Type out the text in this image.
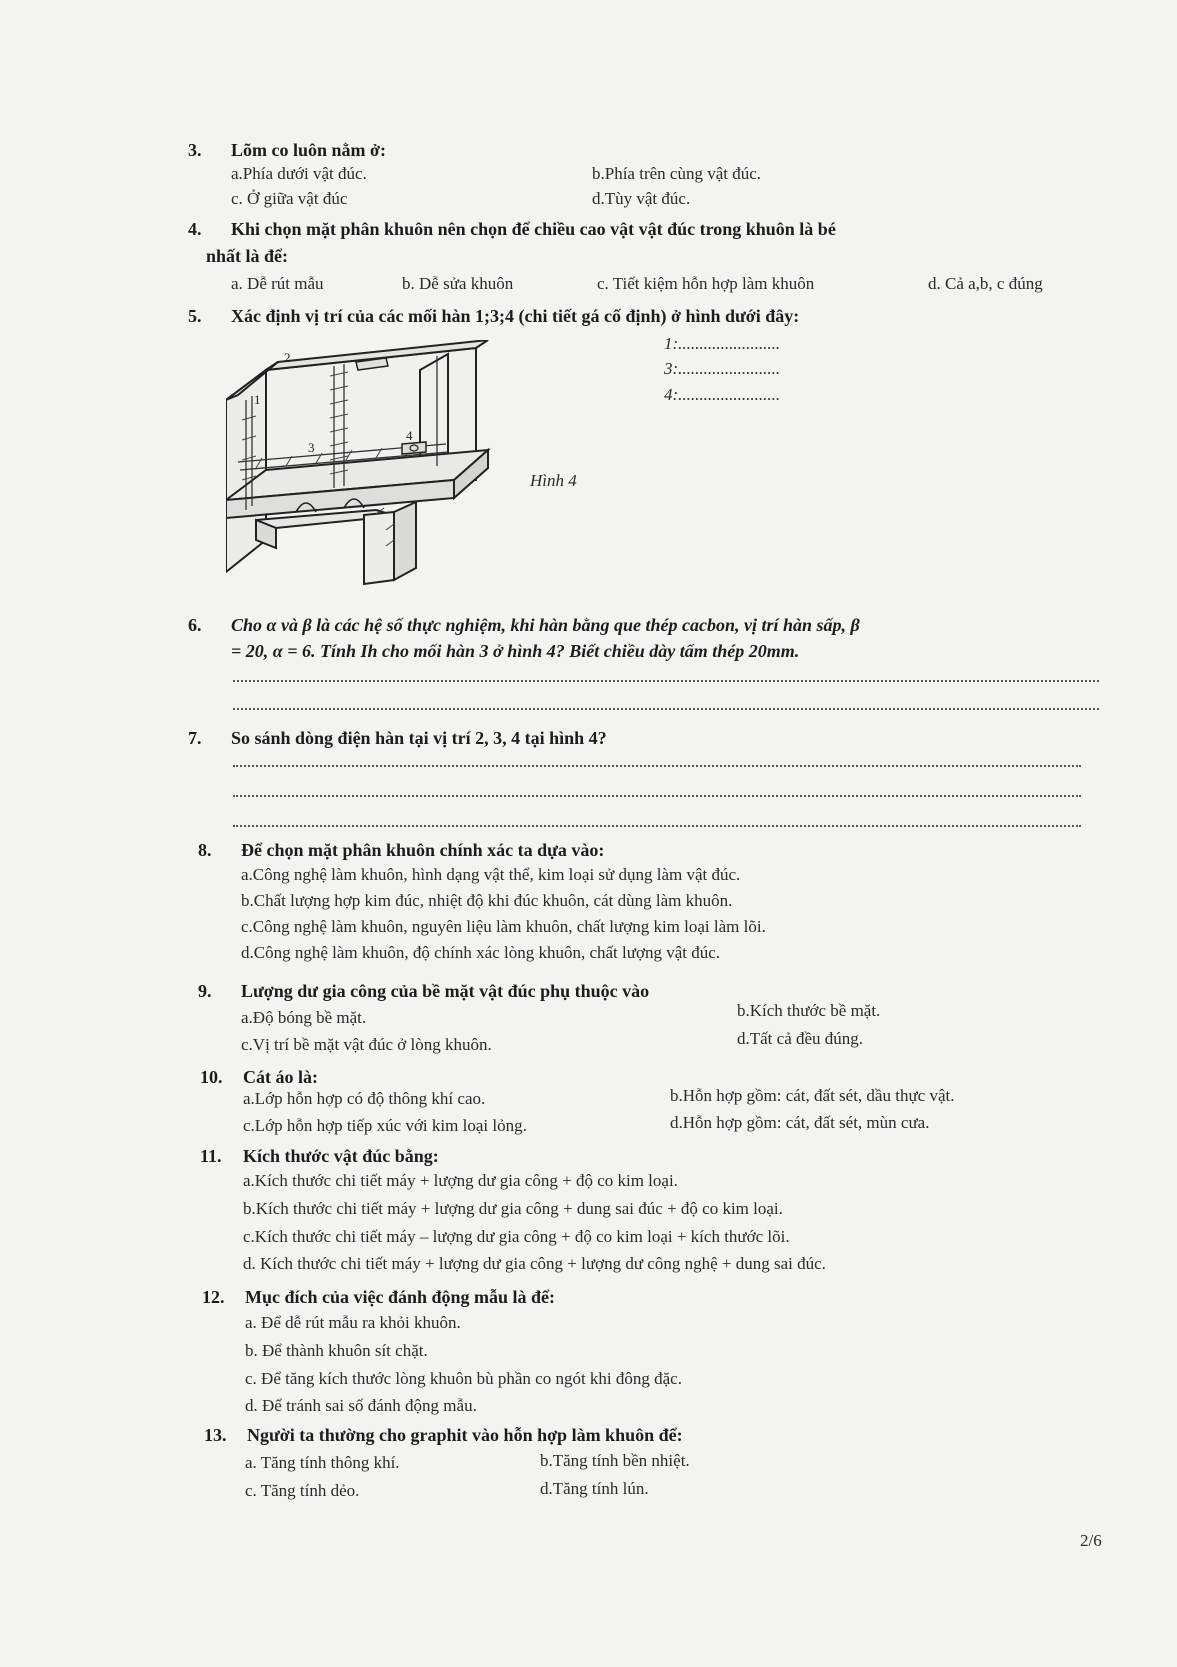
3. Lõm co luôn nằm ở:
a.Phía dưới vật đúc.	b.Phía trên cùng vật đúc.
c. Ở giữa vật đúc	d.Tùy vật đúc.
4. Khi chọn mặt phân khuôn nên chọn để chiều cao vật vật đúc trong khuôn là bé
nhất là để:
a. Dễ rút mẫu	b. Dễ sửa khuôn	c. Tiết kiệm hỗn hợp làm khuôn	d. Cả a,b, c đúng
5. Xác định vị trí của các mối hàn 1;3;4 (chi tiết gá cố định) ở hình dưới đây:
1:........................
3:........................
4:........................
1
2
3
4
Hình 4
6. Cho α và β là các hệ số thực nghiệm, khi hàn bằng que thép cacbon, vị trí hàn sấp, β
= 20, α = 6. Tính Ih cho mối hàn 3 ở hình 4? Biết chiều dày tấm thép 20mm.
7. So sánh dòng điện hàn tại vị trí 2, 3, 4 tại hình 4?
8. Để chọn mặt phân khuôn chính xác ta dựa vào:
a.Công nghệ làm khuôn, hình dạng vật thể, kim loại sử dụng làm vật đúc.
b.Chất lượng hợp kim đúc, nhiệt độ khi đúc khuôn, cát dùng làm khuôn.
c.Công nghệ làm khuôn, nguyên liệu làm khuôn, chất lượng kim loại làm lõi.
d.Công nghệ làm khuôn, độ chính xác lòng khuôn, chất lượng vật đúc.
9. Lượng dư gia công của bề mặt vật đúc phụ thuộc vào
a.Độ bóng bề mặt.	b.Kích thước bề mặt.
c.Vị trí bề mặt vật đúc ở lòng khuôn.	d.Tất cả đều đúng.
10. Cát áo là:
a.Lớp hỗn hợp có độ thông khí cao.	b.Hỗn hợp gồm: cát, đất sét, dầu thực vật.
c.Lớp hỗn hợp tiếp xúc với kim loại lỏng.	d.Hỗn hợp gồm: cát, đất sét, mùn cưa.
11. Kích thước vật đúc bằng:
a.Kích thước chi tiết máy + lượng dư gia công + độ co kim loại.
b.Kích thước chi tiết máy + lượng dư gia công + dung sai đúc + độ co kim loại.
c.Kích thước chi tiết máy – lượng dư gia công + độ co kim loại + kích thước lõi.
d. Kích thước chi tiết máy + lượng dư gia công + lượng dư công nghệ + dung sai đúc.
12. Mục đích của việc đánh động mẫu là để:
a. Để dễ rút mẫu ra khỏi khuôn.
b. Để thành khuôn sít chặt.
c. Để tăng kích thước lòng khuôn bù phần co ngót khi đông đặc.
d. Để tránh sai số đánh động mẫu.
13. Người ta thường cho graphit vào hỗn hợp làm khuôn để:
a. Tăng tính thông khí.	b.Tăng tính bền nhiệt.
c. Tăng tính dẻo.	d.Tăng tính lún.
2/6
